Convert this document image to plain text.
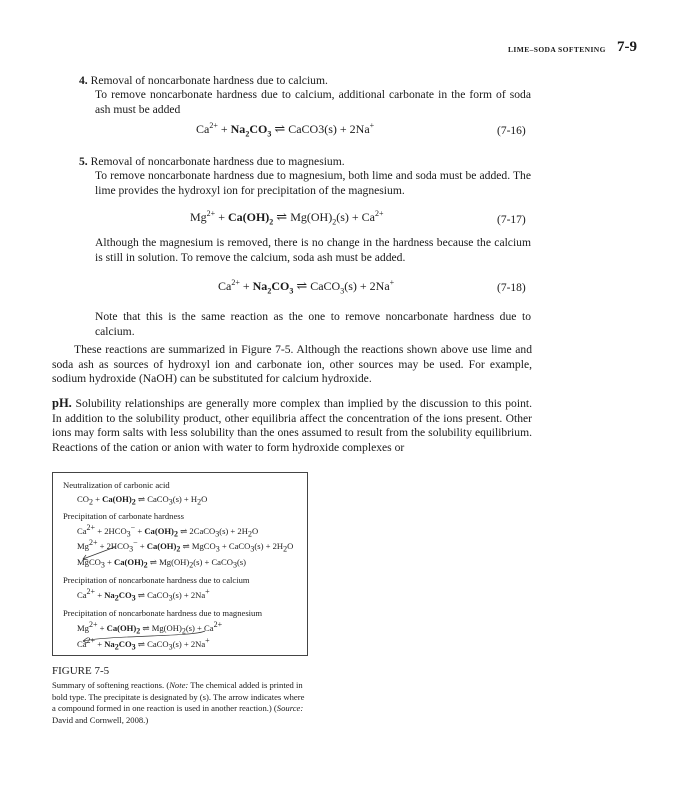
LIME–SODA SOFTENING 7-9
4. Removal of noncarbonate hardness due to calcium.
To remove noncarbonate hardness due to calcium, additional carbonate in the form of soda ash must be added
$Ca^{2+} + Na_2CO_3$ ⇌ CaCO3(s) + 2Na+	(7-16)
5. Removal of noncarbonate hardness due to magnesium.
To remove noncarbonate hardness due to magnesium, both lime and soda must be added. The lime provides the hydroxyl ion for precipitation of the magnesium.
$Mg^{2+} + Ca(OH)_2$ ⇌ $Mg(OH)_2(s) + Ca^{2+}$
(7-17)
Although the magnesium is removed, there is no change in the hardness because the calcium is still in solution. To remove the calcium, soda ash must be added.
$Ca^{2+} + Na_2CO_3$ ⇌ CaCO$_3$(s) + 2Na+	(7-18)
Note that this is the same reaction as the one to remove noncarbonate hardness due to calcium.
These reactions are summarized in Figure 7-5. Although the reactions shown above use lime and soda ash as sources of hydroxyl ion and carbonate ion, other sources may be used. For example, sodium hydroxide (NaOH) can be substituted for calcium hydroxide.
pH. Solubility relationships are generally more complex than implied by the discussion to this point. In addition to the solubility product, other equilibria affect the concentration of the ions present. Other ions may form salts with less solubility than the ones assumed to result from the solubility equilibrium. Reactions of the cation or anion with water to form hydroxide complexes or
Neutralization of carbonic acid
$CO_2 + Ca(OH)_2$ ⇌ CaCO$_3$(s) + $H_2O$
Precipitation of carbonate hardness
$Ca^{2+} + 2HCO_3^- + Ca(OH)_2$ ⇌ 2CaCO$_3$(s) + $2H_2O$
$Mg^{2+} + 2HCO_3^- + Ca(OH)_2$ ⇌ MgCO$_3$ + CaCO$_3$(s) + $2H_2O$
MgCO$_3$ + $Ca(OH)_2$ ⇌ $Mg(OH)_2(s)$ + CaCO$_3$(s)
Precipitation of noncarbonate hardness due to calcium
$Ca^{2+} + Na_2CO_3$ ⇌ CaCO$_3$(s) + 2Na+
Precipitation of noncarbonate hardness due to magnesium
$Mg^{2+} + Ca(OH)_2$ ⇌ $Mg(OH)_2(s) + Ca^{2+}$
$Ca^{2+} + Na_2CO_3$ ⇌ CaCO$_3$(s) + 2Na+
FIGURE 7-5
Summary of softening reactions. (Note: The chemical added is printed in bold type. The precipitate is designated by (s). The arrow indicates where a compound formed in one reaction is used in another reaction.) (Source: David and Cornwell, 2008.)
